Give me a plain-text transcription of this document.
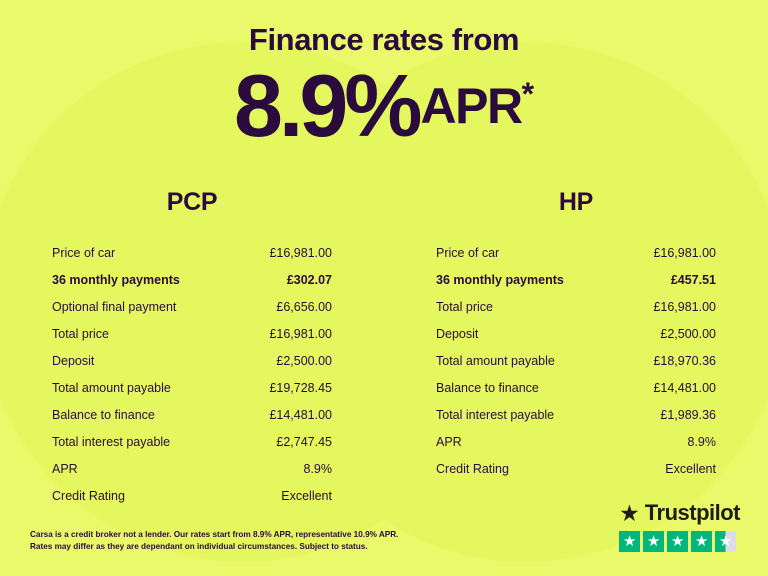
Finance rates from
8.9%APR*
PCP
Price of car	£16,981.00
36 monthly payments	£302.07
Optional final payment	£6,656.00
Total price	£16,981.00
Deposit	£2,500.00
Total amount payable	£19,728.45
Balance to finance	£14,481.00
Total interest payable	£2,747.45
APR	8.9%
Credit Rating	Excellent
HP
Price of car	£16,981.00
36 monthly payments	£457.51
Total price	£16,981.00
Deposit	£2,500.00
Total amount payable	£18,970.36
Balance to finance	£14,481.00
Total interest payable	£1,989.36
APR	8.9%
Credit Rating	Excellent
Carsa is a credit broker not a lender. Our rates start from 8.9% APR, representative 10.9% APR.
Rates may differ as they are dependant on individual circumstances. Subject to status.
★ Trustpilot
★ ★ ★ ★ ★
